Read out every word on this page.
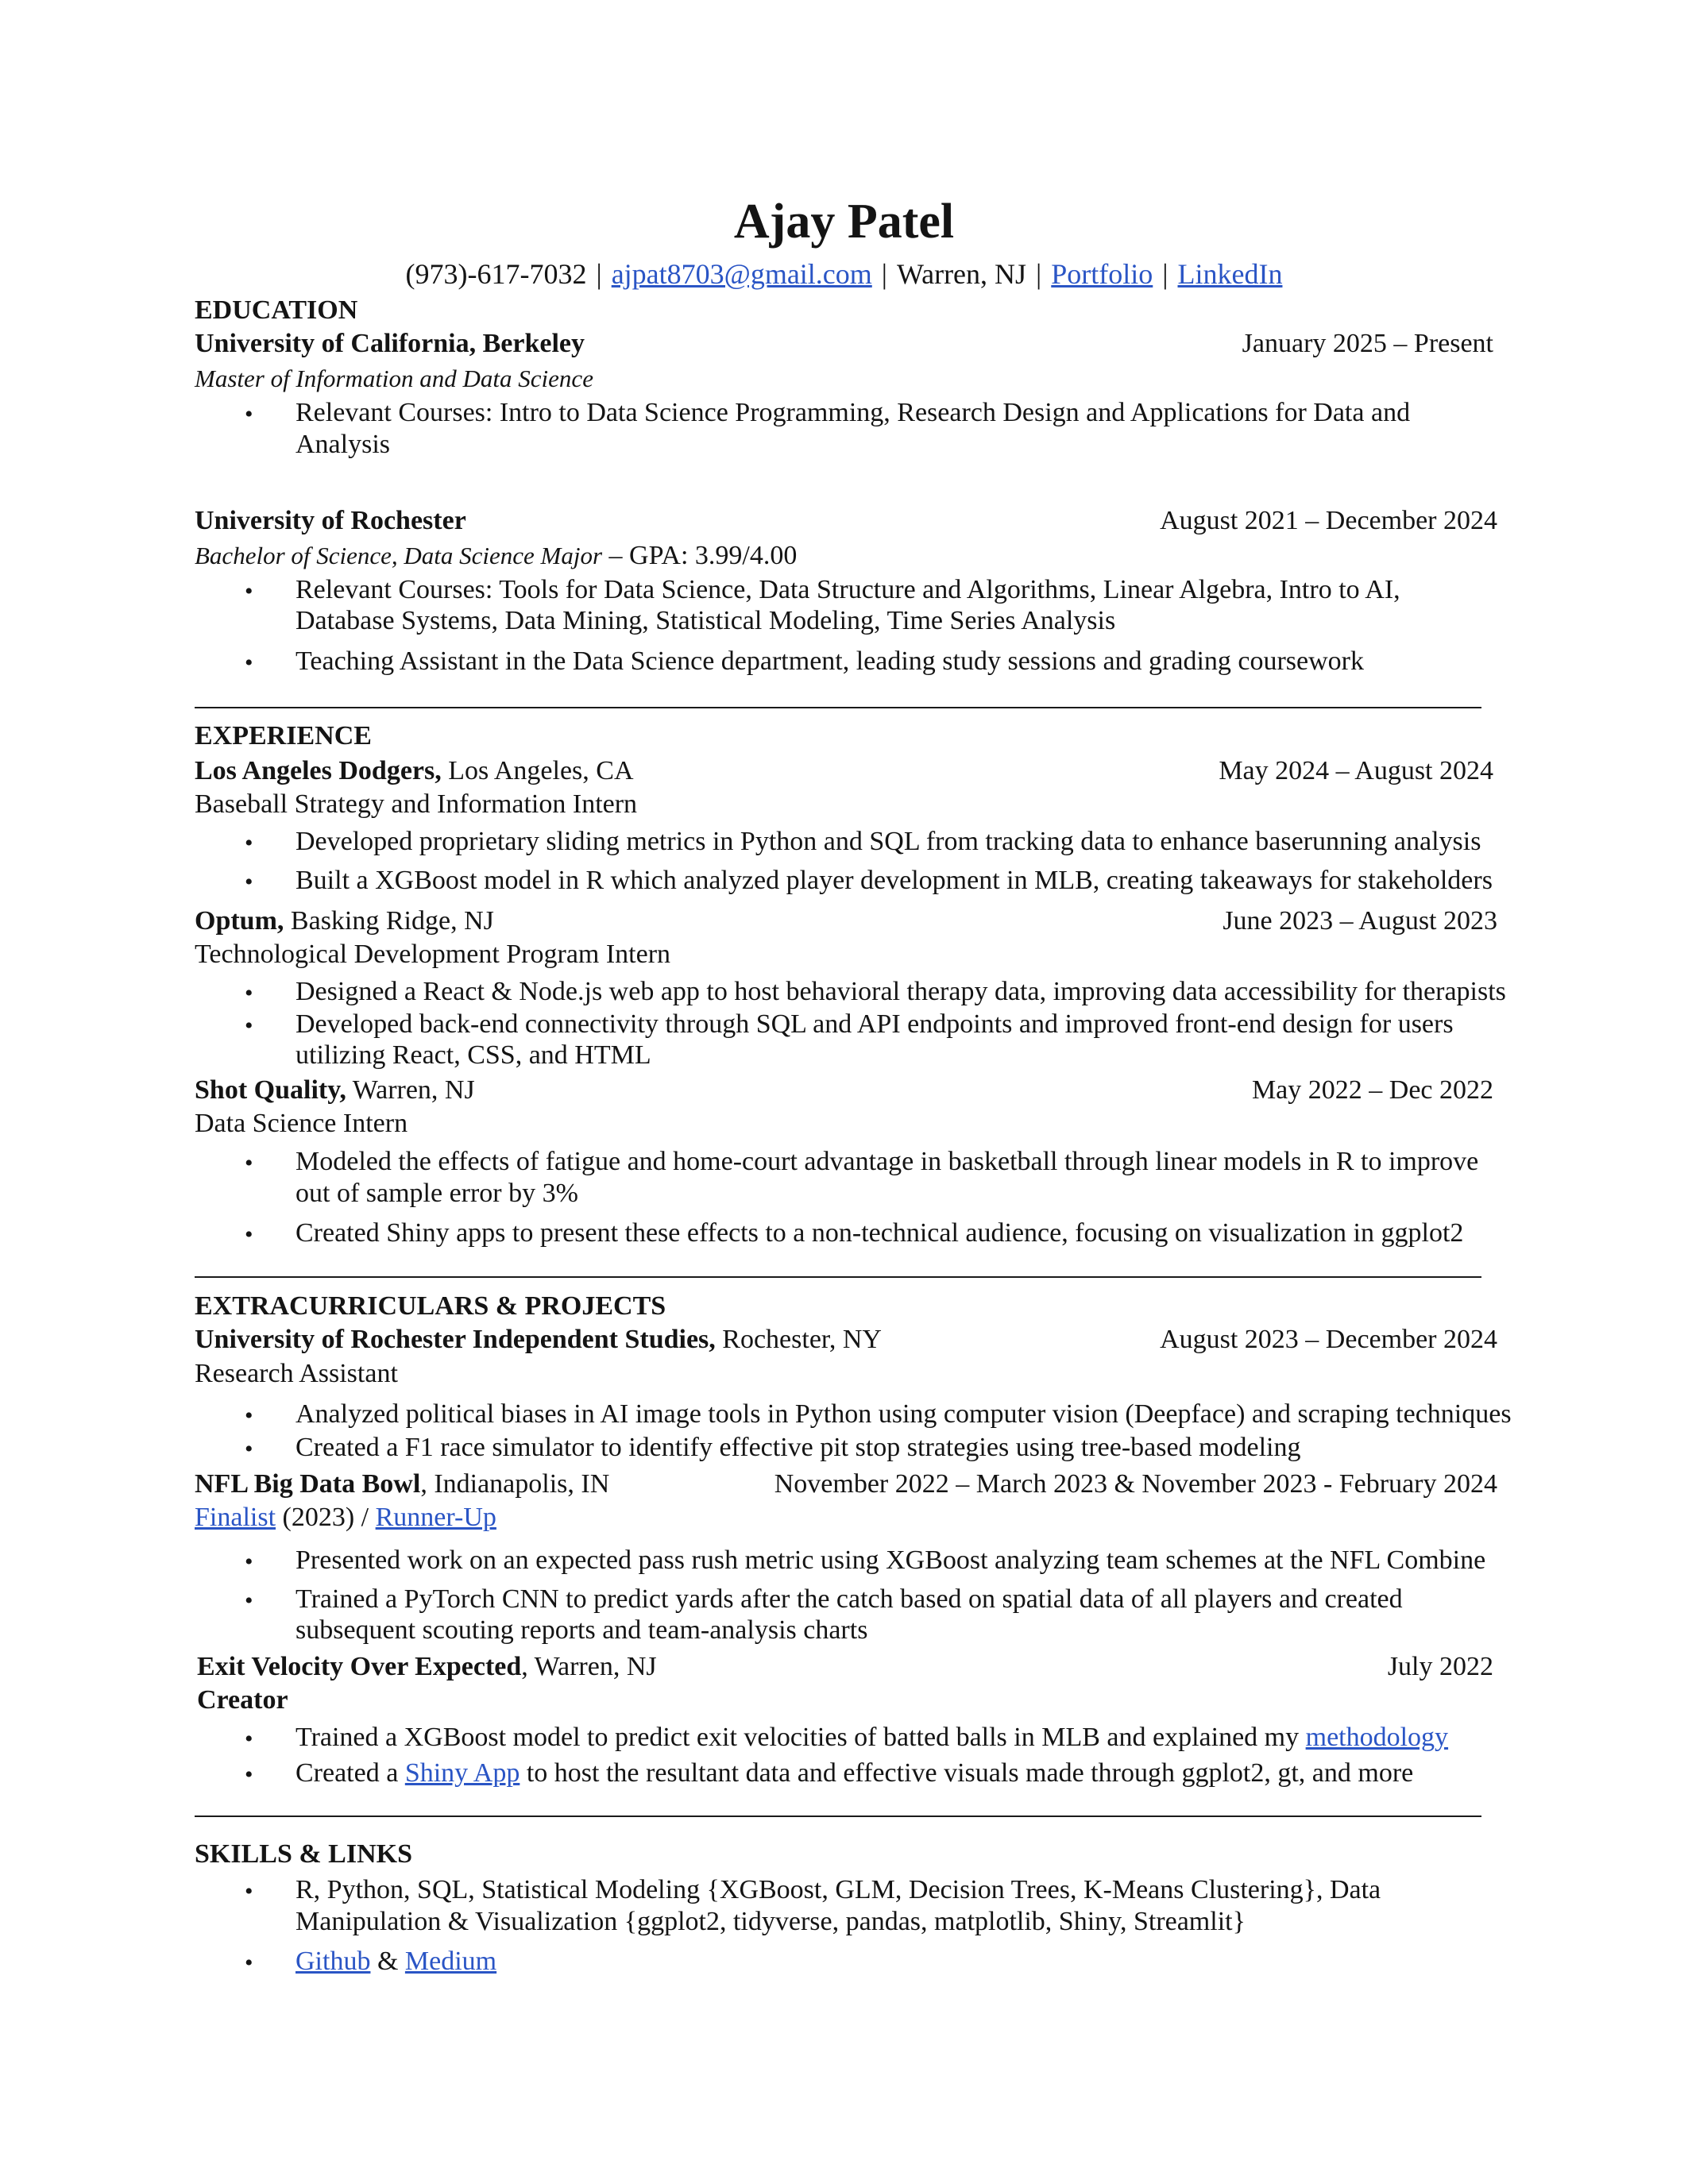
Ajay Patel
(973)-617-7032 | ajpat8703@gmail.com | Warren, NJ | Portfolio | LinkedIn
EDUCATION
University of California, Berkeley	January 2025 – Present
Master of Information and Data Science
• Relevant Courses: Intro to Data Science Programming, Research Design and Applications for Data and
Analysis
University of Rochester	August 2021 – December 2024
Bachelor of Science, Data Science Major – GPA: 3.99/4.00
• Relevant Courses: Tools for Data Science, Data Structure and Algorithms, Linear Algebra, Intro to AI,
Database Systems, Data Mining, Statistical Modeling, Time Series Analysis
• Teaching Assistant in the Data Science department, leading study sessions and grading coursework
EXPERIENCE
Los Angeles Dodgers, Los Angeles, CA	May 2024 – August 2024
Baseball Strategy and Information Intern
• Developed proprietary sliding metrics in Python and SQL from tracking data to enhance baserunning analysis
• Built a XGBoost model in R which analyzed player development in MLB, creating takeaways for stakeholders
Optum, Basking Ridge, NJ	June 2023 – August 2023
Technological Development Program Intern
• Designed a React & Node.js web app to host behavioral therapy data, improving data accessibility for therapists
• Developed back-end connectivity through SQL and API endpoints and improved front-end design for users
utilizing React, CSS, and HTML
Shot Quality, Warren, NJ	May 2022 – Dec 2022
Data Science Intern
• Modeled the effects of fatigue and home-court advantage in basketball through linear models in R to improve
out of sample error by 3%
• Created Shiny apps to present these effects to a non-technical audience, focusing on visualization in ggplot2
EXTRACURRICULARS & PROJECTS
University of Rochester Independent Studies, Rochester, NY	August 2023 – December 2024
Research Assistant
• Analyzed political biases in AI image tools in Python using computer vision (Deepface) and scraping techniques
• Created a F1 race simulator to identify effective pit stop strategies using tree-based modeling
NFL Big Data Bowl, Indianapolis, IN	November 2022 – March 2023 & November 2023 - February 2024
Finalist (2023) / Runner-Up
• Presented work on an expected pass rush metric using XGBoost analyzing team schemes at the NFL Combine
• Trained a PyTorch CNN to predict yards after the catch based on spatial data of all players and created
subsequent scouting reports and team-analysis charts
Exit Velocity Over Expected, Warren, NJ	July 2022
Creator
• Trained a XGBoost model to predict exit velocities of batted balls in MLB and explained my methodology
• Created a Shiny App to host the resultant data and effective visuals made through ggplot2, gt, and more
SKILLS & LINKS
• R, Python, SQL, Statistical Modeling {XGBoost, GLM, Decision Trees, K-Means Clustering}, Data
Manipulation & Visualization {ggplot2, tidyverse, pandas, matplotlib, Shiny, Streamlit}
• Github & Medium
